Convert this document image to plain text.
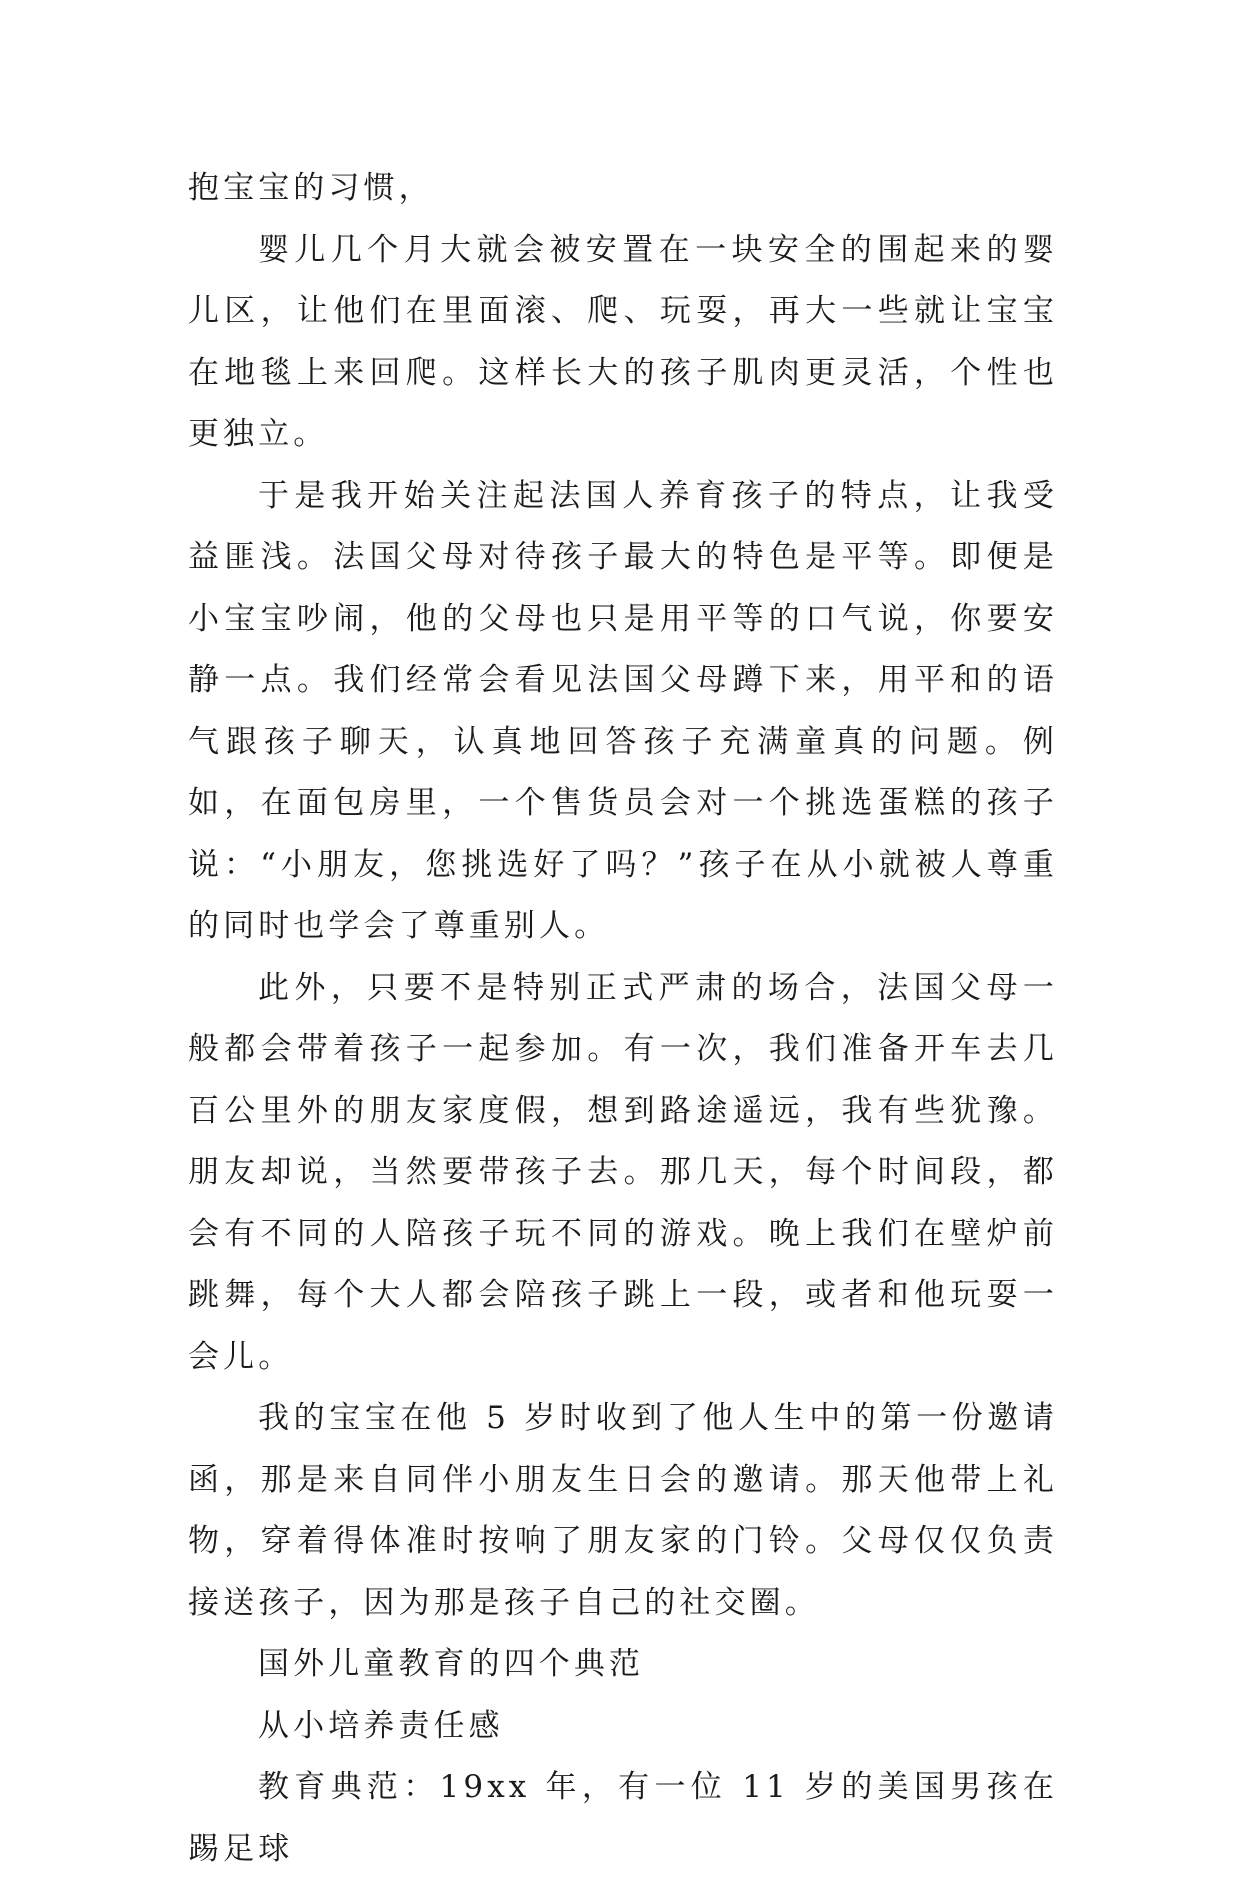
抱宝宝的习惯，

婴儿几个月大就会被安置在一块安全的围起来的婴儿区，让他们在里面滚、爬、玩耍，再大一些就让宝宝在地毯上来回爬。这样长大的孩子肌肉更灵活，个性也更独立。

于是我开始关注起法国人养育孩子的特点，让我受益匪浅。法国父母对待孩子最大的特色是平等。即便是小宝宝吵闹，他的父母也只是用平等的口气说，你要安静一点。我们经常会看见法国父母蹲下来，用平和的语气跟孩子聊天，认真地回答孩子充满童真的问题。例如，在面包房里，一个售货员会对一个挑选蛋糕的孩子说：“小朋友，您挑选好了吗？”孩子在从小就被人尊重的同时也学会了尊重别人。

此外，只要不是特别正式严肃的场合，法国父母一般都会带着孩子一起参加。有一次，我们准备开车去几百公里外的朋友家度假，想到路途遥远，我有些犹豫。朋友却说，当然要带孩子去。那几天，每个时间段，都会有不同的人陪孩子玩不同的游戏。晚上我们在壁炉前跳舞，每个大人都会陪孩子跳上一段，或者和他玩耍一会儿。

我的宝宝在他 5 岁时收到了他人生中的第一份邀请函，那是来自同伴小朋友生日会的邀请。那天他带上礼物，穿着得体准时按响了朋友家的门铃。父母仅仅负责接送孩子，因为那是孩子自己的社交圈。

国外儿童教育的四个典范

从小培养责任感

教育典范：19xx 年，有一位 11 岁的美国男孩在踢足球
